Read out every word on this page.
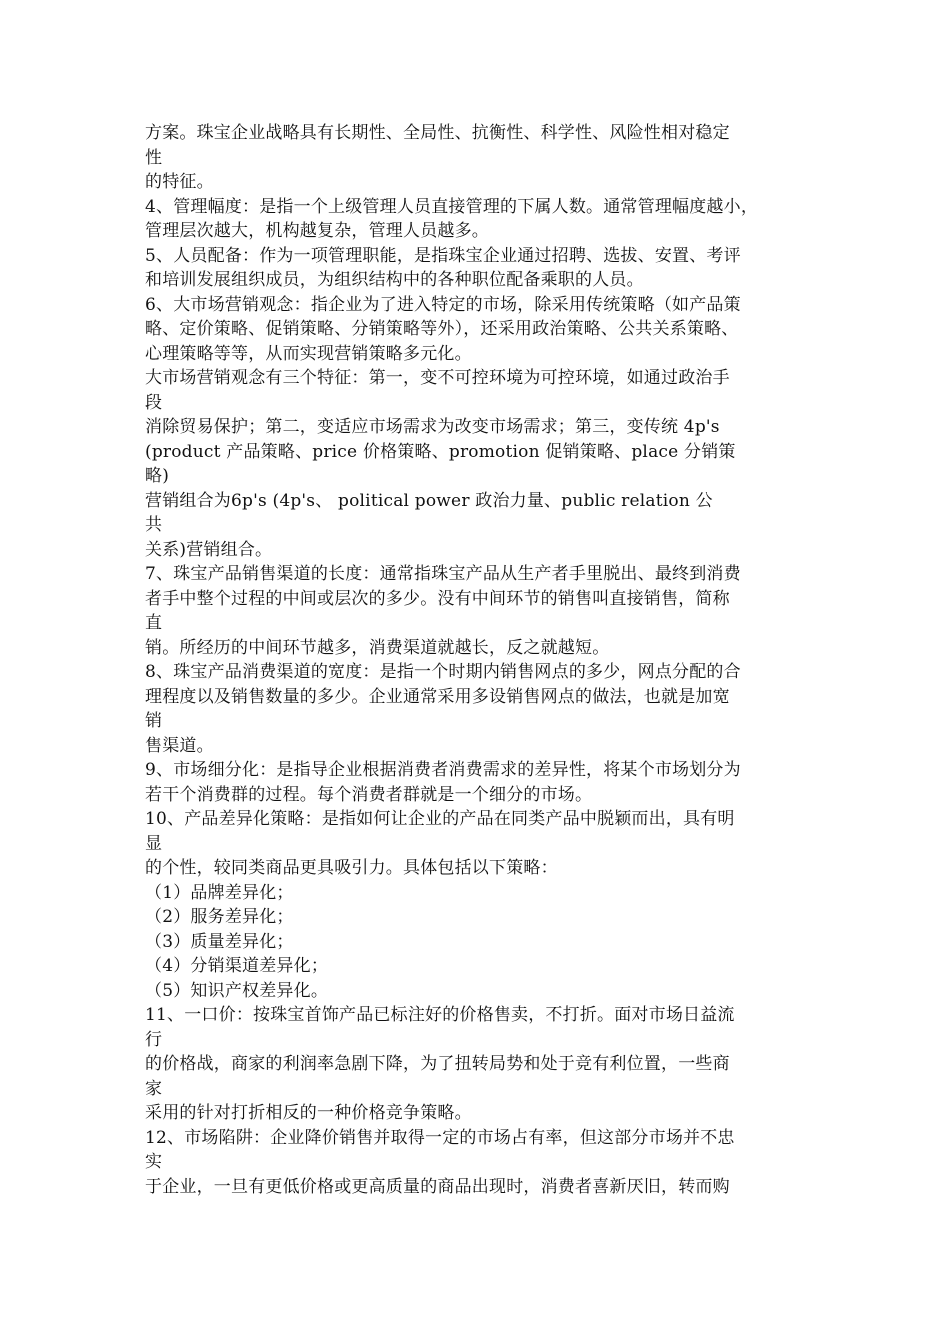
方案。珠宝企业战略具有长期性、全局性、抗衡性、科学性、风险性相对稳定
性
的特征。
4、管理幅度：是指一个上级管理人员直接管理的下属人数。通常管理幅度越小，
管理层次越大，机构越复杂，管理人员越多。
5、人员配备：作为一项管理职能，是指珠宝企业通过招聘、选拔、安置、考评
和培训发展组织成员，为组织结构中的各种职位配备乘职的人员。
6、大市场营销观念：指企业为了进入特定的市场，除采用传统策略（如产品策
略、定价策略、促销策略、分销策略等外），还采用政治策略、公共关系策略、
心理策略等等，从而实现营销策略多元化。
大市场营销观念有三个特征：第一，变不可控环境为可控环境，如通过政治手
段
消除贸易保护；第二，变适应市场需求为改变市场需求；第三，变传统 4p's
(product 产品策略、price 价格策略、promotion 促销策略、place 分销策
略)
营销组合为6p's (4p's、 political power 政治力量、public relation 公
共
关系)营销组合。
7、珠宝产品销售渠道的长度：通常指珠宝产品从生产者手里脱出、最终到消费
者手中整个过程的中间或层次的多少。没有中间环节的销售叫直接销售，简称
直
销。所经历的中间环节越多，消费渠道就越长，反之就越短。
8、珠宝产品消费渠道的宽度：是指一个时期内销售网点的多少，网点分配的合
理程度以及销售数量的多少。企业通常采用多设销售网点的做法，也就是加宽
销
售渠道。
9、市场细分化：是指导企业根据消费者消费需求的差异性，将某个市场划分为
若干个消费群的过程。每个消费者群就是一个细分的市场。
10、产品差异化策略：是指如何让企业的产品在同类产品中脱颖而出，具有明
显
的个性，较同类商品更具吸引力。具体包括以下策略：
（1）品牌差异化；
（2）服务差异化；
（3）质量差异化；
（4）分销渠道差异化；
（5）知识产权差异化。
11、一口价：按珠宝首饰产品已标注好的价格售卖，不打折。面对市场日益流
行
的价格战，商家的利润率急剧下降，为了扭转局势和处于竞有利位置，一些商
家
采用的针对打折相反的一种价格竞争策略。
12、市场陷阱：企业降价销售并取得一定的市场占有率，但这部分市场并不忠
实
于企业，一旦有更低价格或更高质量的商品出现时，消费者喜新厌旧，转而购
